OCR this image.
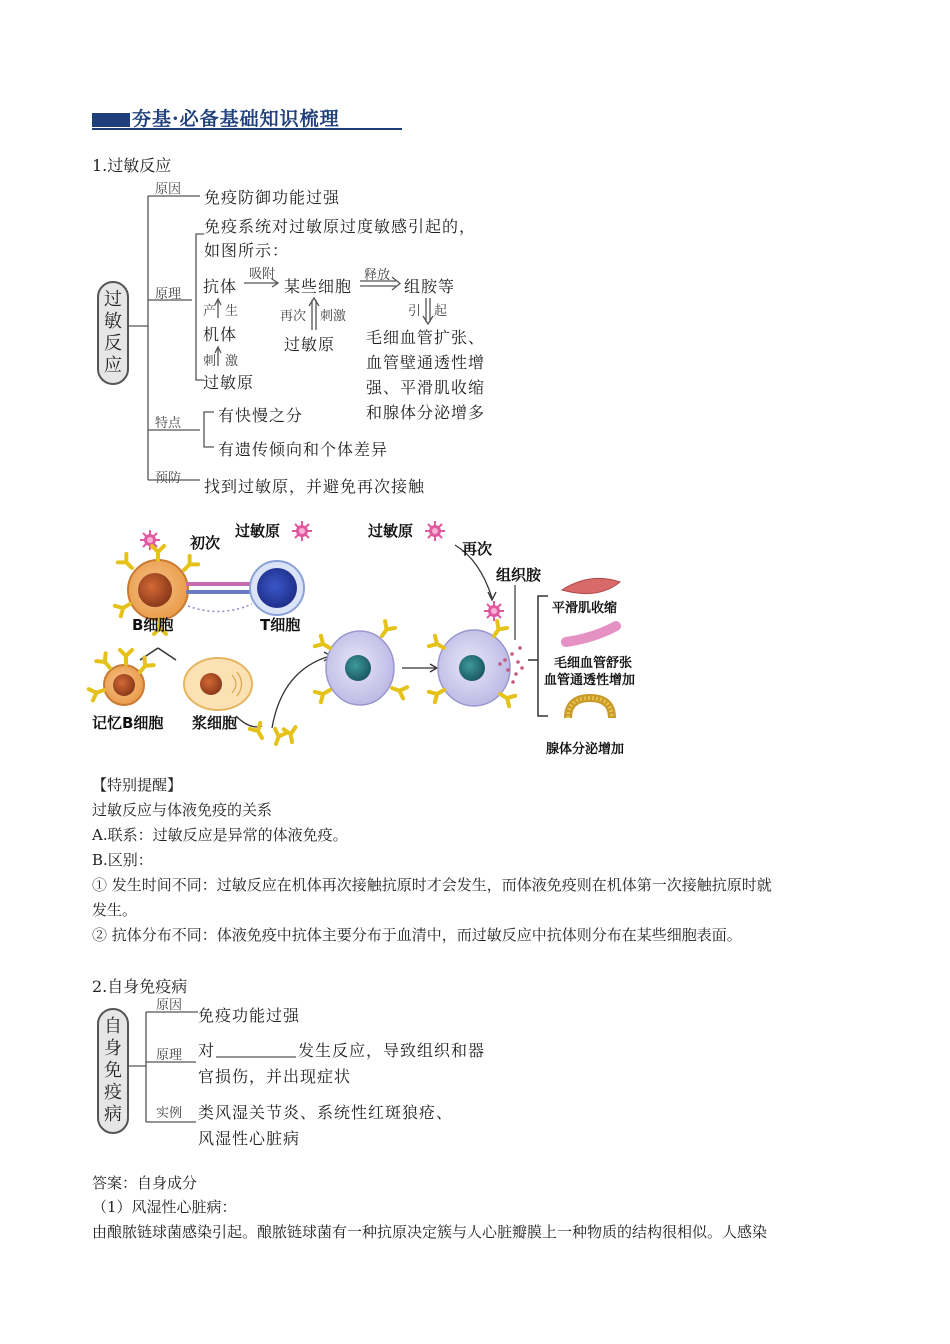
夯基·必备基础知识梳理
1.过敏反应
过
敏
反
应
原因 免疫防御功能过强
原理
免疫系统对过敏原过度敏感引起的，
如图所示：
抗体
吸附
某些细胞
释放
组胺等
产 生
机体
刺 激
过敏原
再次 刺激
过敏原
引 起
毛细血管扩张、
血管壁通透性增
强、平滑肌收缩
和腺体分泌增多
特点 有快慢之分
有遗传倾向和个体差异
预防 找到过敏原，并避免再次接触
过敏原
初次
B细胞	T细胞
记忆B细胞 浆细胞
过敏原
再次
组织胺
平滑肌收缩
毛细血管舒张
血管通透性增加
腺体分泌增加
【特别提醒】
过敏反应与体液免疫的关系
A.联系：过敏反应是异常的体液免疫。
B.区别：
① 发生时间不同：过敏反应在机体再次接触抗原时才会发生，而体液免疫则在机体第一次接触抗原时就
发生。
② 抗体分布不同：体液免疫中抗体主要分布于血清中，而过敏反应中抗体则分布在某些细胞表面。
2.自身免疫病
自
身
免
疫
病
原因
免疫功能过强
原理 对	发生反应，导致组织和器
官损伤，并出现症状
实例 类风湿关节炎、系统性红斑狼疮、
风湿性心脏病
答案：自身成分
（1）风湿性心脏病：
由酿脓链球菌感染引起。酿脓链球菌有一种抗原决定簇与人心脏瓣膜上一种物质的结构很相似。人感染
